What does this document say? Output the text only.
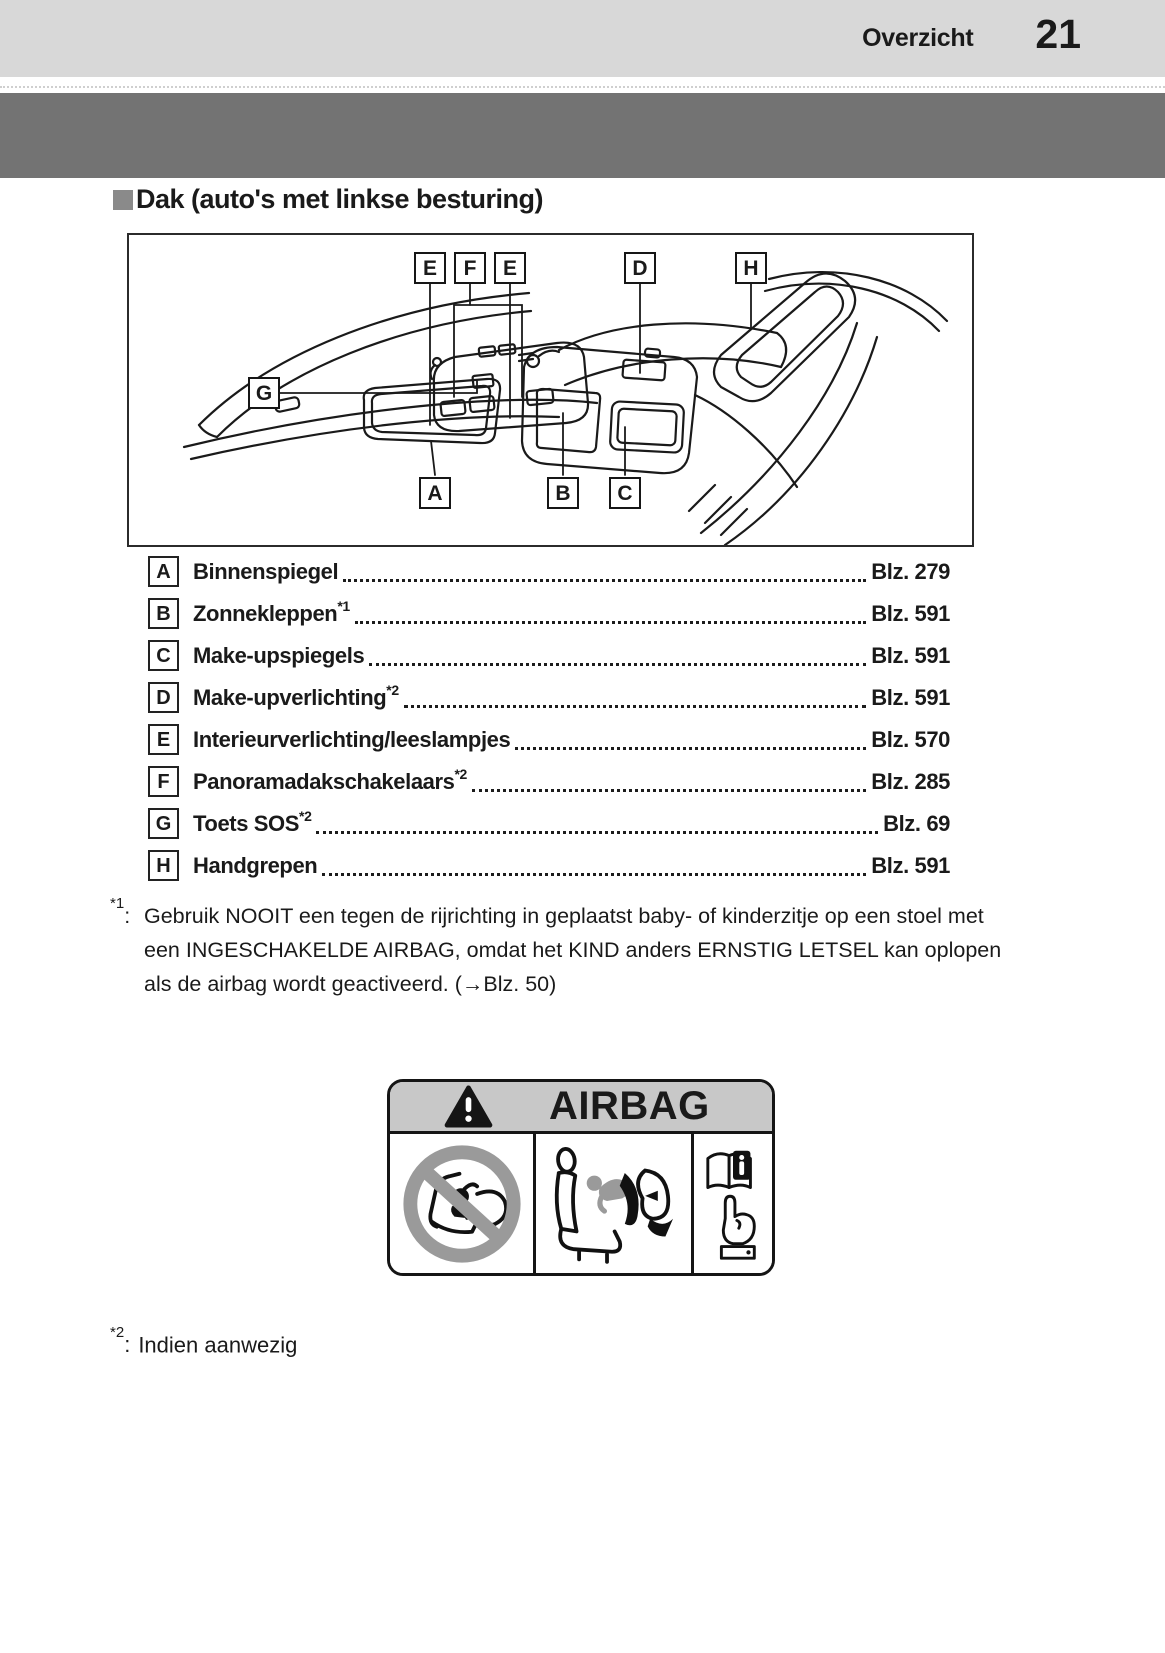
Overzicht 21
Dak (auto's met linkse besturing)
E	F	E	D	H
G
A	B	C
A	Binnenspiegel	Blz. 279
B	Zonnekleppen$^{*1}$	Blz. 591
C	Make-upspiegels	Blz. 591
D	Make-upverlichting$^{*2}$	Blz. 591
E	Interieurverlichting/leeslampjes	Blz. 570
F	Panoramadakschakelaars$^{*2}$	Blz. 285
G Toets SOS$^{*2}$	Blz. 69
H	Handgrepen	Blz. 591
$^{*1}$: Gebruik NOOIT een tegen de rijrichting in geplaatst baby- of kinderzitje op een stoel met
een INGESCHAKELDE AIRBAG, omdat het KIND anders ERNSTIG LETSEL kan oplopen
als de airbag wordt geactiveerd. (→Blz. 50)
AIRBAG
$^{*2}$: Indien aanwezig
